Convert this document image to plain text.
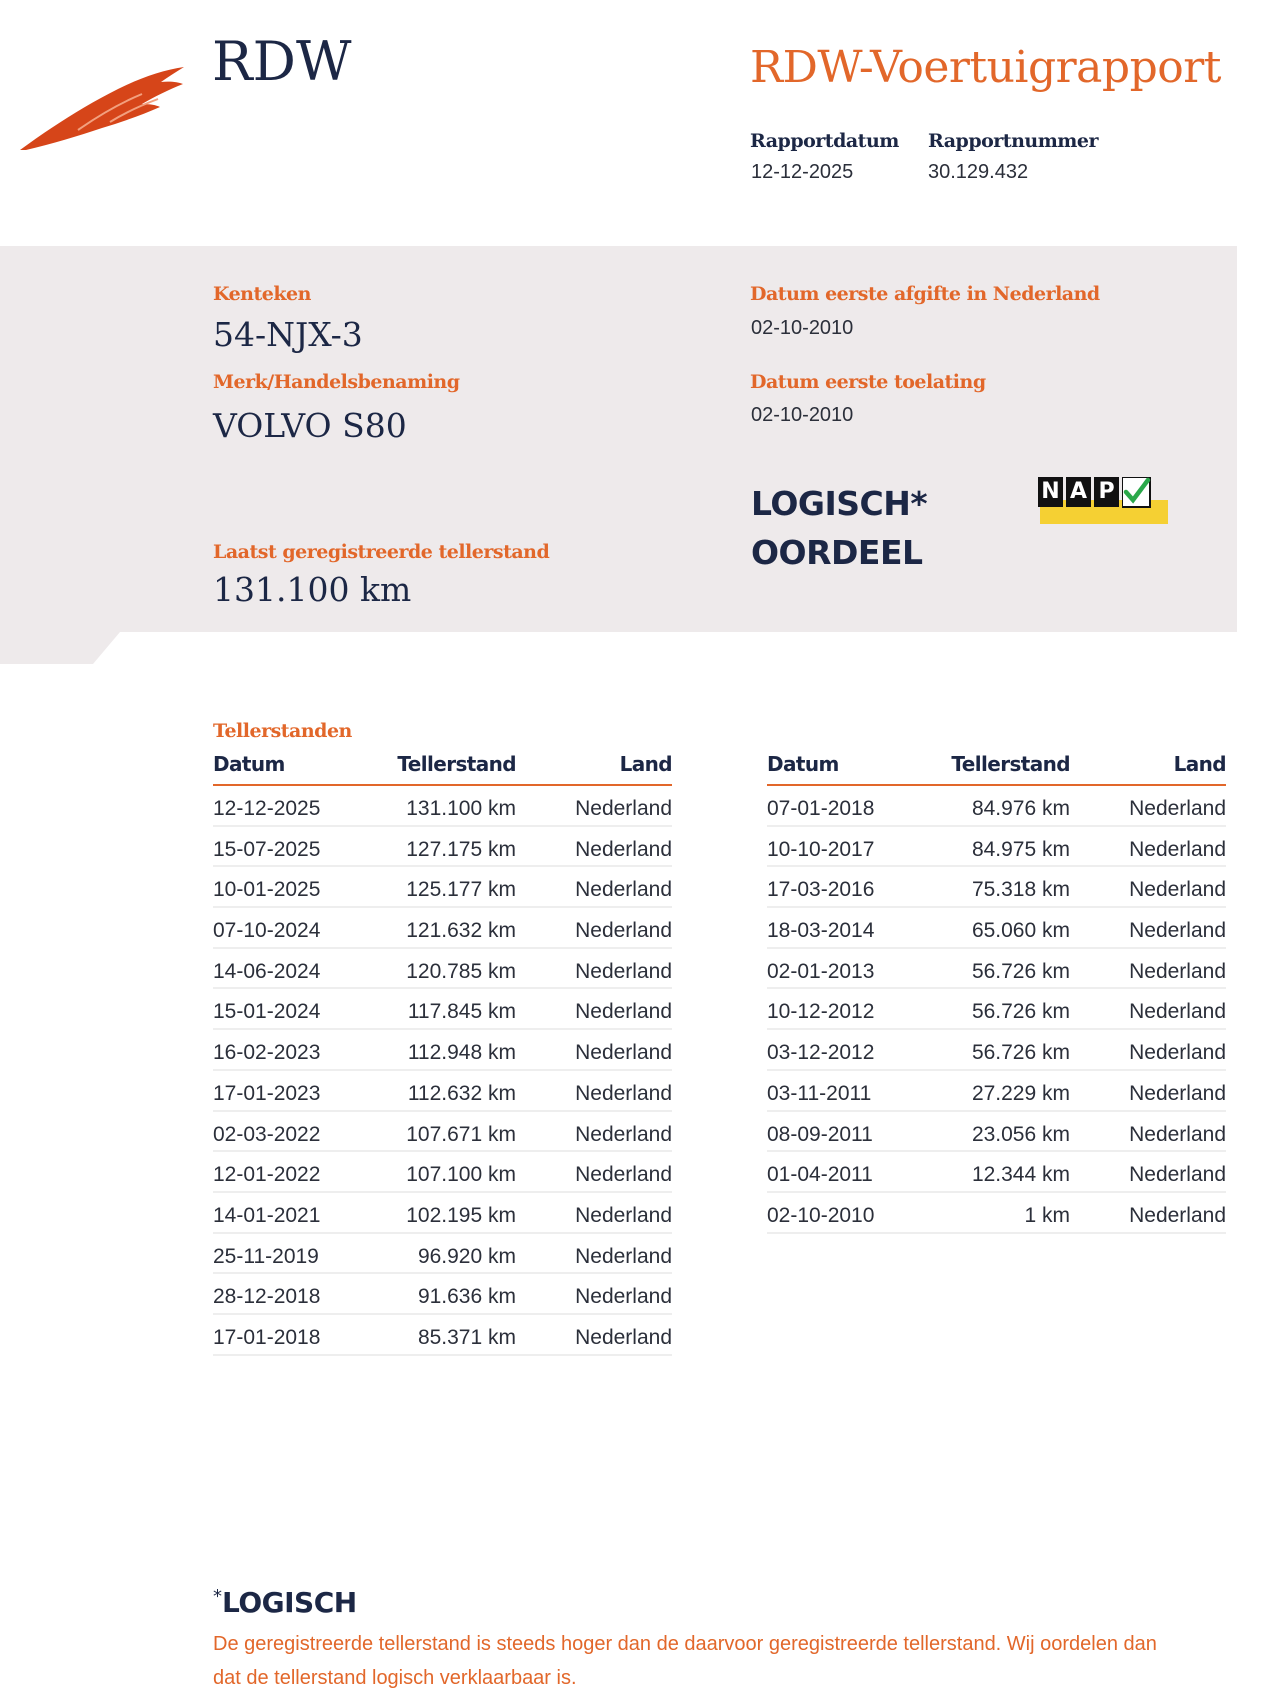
RDW	RDW-Voertuigrapport
Rapportdatum
12-12-2025
Rapportnummer
30.129.432
Kenteken
54-NJX-3
Merk/Handelsbenaming
VOLVO S80
Datum eerste afgifte in Nederland
02-10-2010
Datum eerste toelating
02-10-2010
LOGISCH*
OORDEEL
N A P
Laatst geregistreerde tellerstand
131.100 km
Tellerstanden
Datum	Tellerstand	Land
12-12-2025	131.100 km	Nederland
15-07-2025	127.175 km	Nederland
10-01-2025	125.177 km	Nederland
07-10-2024	121.632 km	Nederland
14-06-2024	120.785 km	Nederland
15-01-2024	117.845 km	Nederland
16-02-2023	112.948 km	Nederland
17-01-2023	112.632 km	Nederland
02-03-2022	107.671 km	Nederland
12-01-2022	107.100 km	Nederland
14-01-2021	102.195 km	Nederland
25-11-2019	96.920 km	Nederland
28-12-2018	91.636 km	Nederland
17-01-2018	85.371 km	Nederland
Datum	Tellerstand	Land
07-01-2018	84.976 km	Nederland
10-10-2017	84.975 km	Nederland
17-03-2016	75.318 km	Nederland
18-03-2014	65.060 km	Nederland
02-01-2013	56.726 km	Nederland
10-12-2012	56.726 km	Nederland
03-12-2012	56.726 km	Nederland
03-11-2011	27.229 km	Nederland
08-09-2011	23.056 km	Nederland
01-04-2011	12.344 km	Nederland
02-10-2010	1 km	Nederland
*LOGISCH
De geregistreerde tellerstand is steeds hoger dan de daarvoor geregistreerde tellerstand. Wij oordelen dan
dat de tellerstand logisch verklaarbaar is.
